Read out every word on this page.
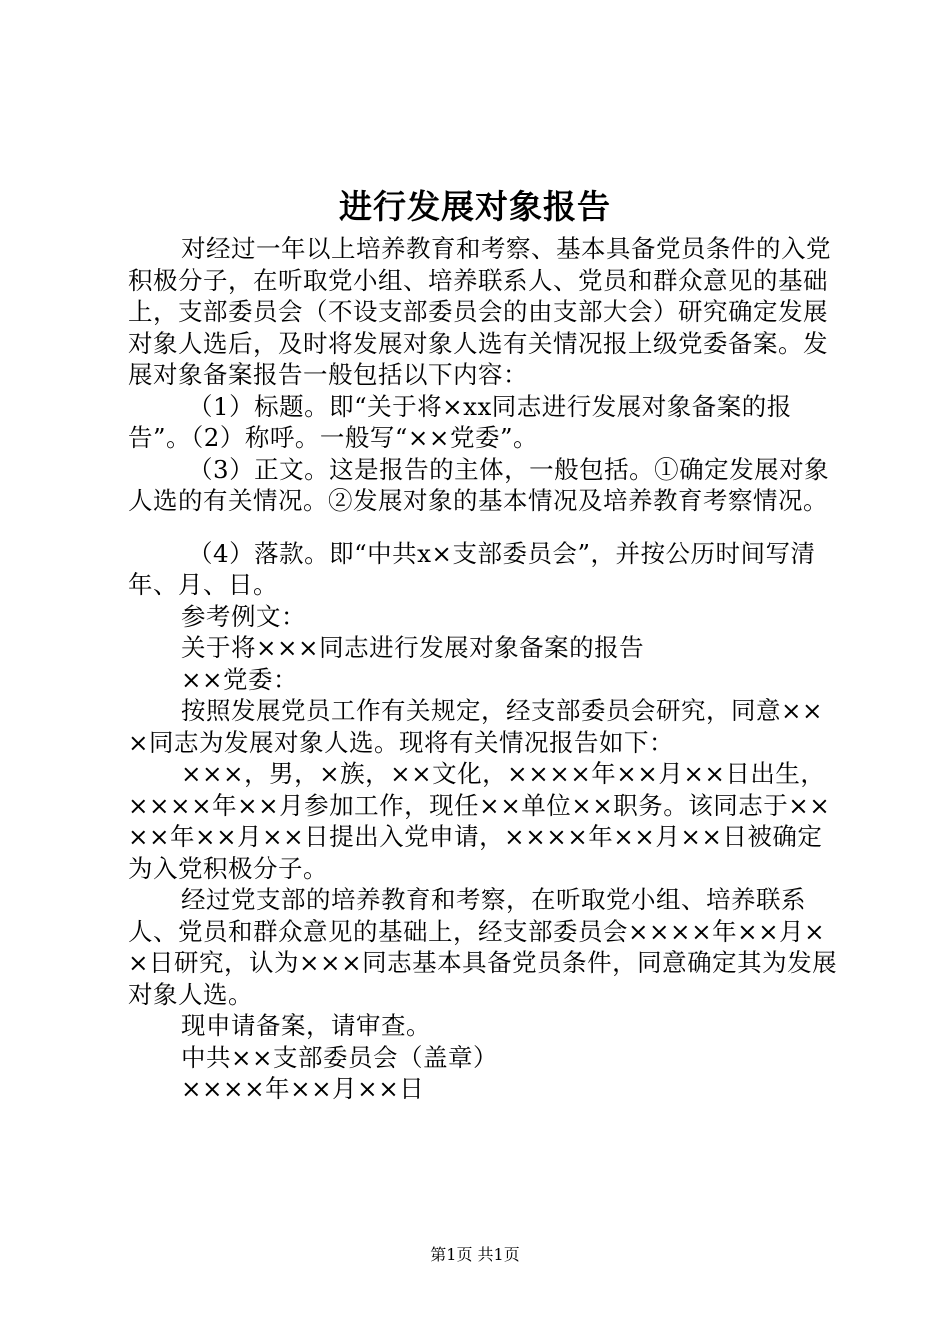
进行发展对象报告

对经过一年以上培养教育和考察、基本具备党员条件的入党积极分子，在听取党小组、培养联系人、党员和群众意见的基础上，支部委员会（不设支部委员会的由支部大会）研究确定发展对象人选后，及时将发展对象人选有关情况报上级党委备案。发展对象备案报告一般包括以下内容：

（1）标题。即“关于将×xx同志进行发展对象备案的报告”。（2）称呼。一般写“××党委”。

（3）正文。这是报告的主体，一般包括。①确定发展对象人选的有关情况。②发展对象的基本情况及培养教育考察情况。

（4）落款。即“中共x×支部委员会”，并按公历时间写清年、月、日。

参考例文：

关于将×××同志进行发展对象备案的报告

××党委：

按照发展党员工作有关规定，经支部委员会研究，同意×××同志为发展对象人选。现将有关情况报告如下：

×××，男，×族，××文化，××××年××月××日出生，××××年××月参加工作，现任××单位××职务。该同志于××××年××月××日提出入党申请，××××年××月××日被确定为入党积极分子。

经过党支部的培养教育和考察，在听取党小组、培养联系人、党员和群众意见的基础上，经支部委员会××××年××月××日研究，认为×××同志基本具备党员条件，同意确定其为发展对象人选。

现申请备案，请审查。

中共××支部委员会（盖章）

××××年××月××日

第1页 共1页
